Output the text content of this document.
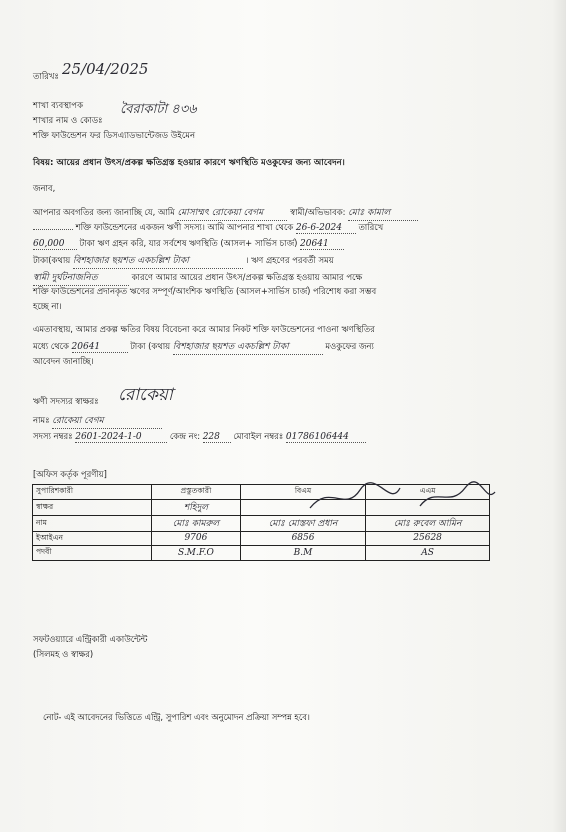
তারিখঃ 25/04/2025
শাখা ব্যবস্থাপক
শাখার নাম ও কোডঃ
বৈরাকাটা ৪৩৬
শক্তি ফাউন্ডেশন ফর ডিসএ্যাডভান্টেজড উইমেন
বিষয়: আয়ের প্রধান উৎস/প্রকল্প ক্ষতিগ্রস্ত হওয়ার কারণে ঋণস্থিতি মওকুফের জন্য আবেদন।
জনাব,
আপনার অবগতির জন্য জানাচ্ছি যে, আমি মোসাম্মৎ রোকেয়া বেগম	স্বামী/অভিভাবক: মোঃ কামাল
শক্তি ফাউন্ডেশনের একজন ঋণী সদস্য। আমি আপনার শাখা থেকে 26-6-2024 তারিখে
60,000 টাকা ঋণ গ্রহন করি, যার সর্বশেষ ঋণস্থিতি (আসল+ সার্ভিস চার্জ) 20641
টাকা(কথায় বিশহাজার ছয়শত একচল্লিশ টাকা	। ঋণ গ্রহণের পরবর্তী সময়
স্বামী দুর্ঘটনাজনিত	কারণে আমার আয়ের প্রধান উৎস/প্রকল্প ক্ষতিগ্রস্ত হওয়ায় আমার পক্ষে
শক্তি ফাউন্ডেশনের প্রদানকৃত ঋণের সম্পূর্ণ/আংশিক ঋণস্থিতি (আসল+সার্ভিস চার্জ) পরিশোধ করা সম্ভব
হচ্ছে না।
এমতাবস্থায়, আমার প্রকল্প ক্ষতির বিষয় বিবেচনা করে আমার নিকট শক্তি ফাউন্ডেশনের পাওনা ঋণস্থিতির
মধ্যে থেকে 20641	টাকা (কথায় বিশহাজার ছয়শত একচল্লিশ টাকা	মওকুফের জন্য
আবেদন জানাচ্ছি।
ঋণী সদস্যর স্বাক্ষরঃ রোকেয়া
নামঃ রোকেয়া বেগম
সদস্য নম্বরঃ 2601-2024-1-0	কেন্দ্র নং: 228 মোবাইল নম্বরঃ 01786106444
[অফিস কর্তৃক পূরণীয়]
সুপারিশকারী	প্রস্তুতকারী	বিএম	এএম
স্বাক্ষর	শহিদুল		
নাম	মোঃ কামরুল	মোঃ মোস্তফা প্রধান	মোঃ রুবেল আমিন
ইআইএন	9706	6856	25628
পদবী	S.M.F.O	B.M	AS
সফটওয়্যারে এন্ট্রিকারী একাউন্টেন্ট
(সিলমহ ও স্বাক্ষর)
নোট- এই আবেদনের ভিত্তিতে এন্ট্রি, সুপারিশ এবং অনুমোদন প্রক্রিয়া সম্পন্ন হবে।
